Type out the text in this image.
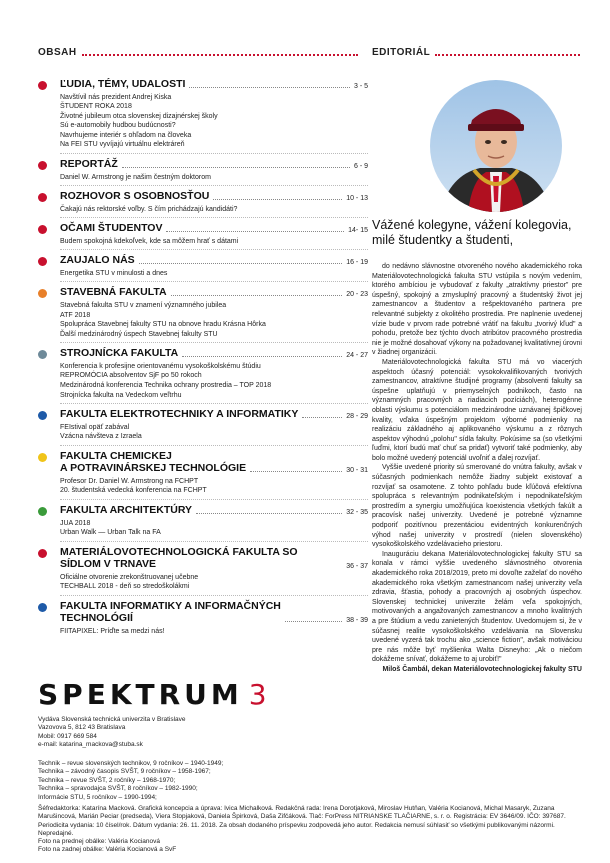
OBSAH	EDITORIÁL
ĽUDIA, TÉMY, UDALOSTI	3 - 5
Navštívil nás prezident Andrej Kiska
ŠTUDENT ROKA 2018
Životné jubileum otca slovenskej dizajnérskej školy
Sú e-automobily hudbou budúcnosti?
Navrhujeme interiér s ohľadom na človeka
Na FEI STU vyvíjajú virtuálnu elektráreň
REPORTÁŽ	6 - 9
Daniel W. Armstrong je našim čestným doktorom
ROZHOVOR S OSOBNOSŤOU	10 - 13
Čakajú nás rektorské voľby. S čím prichádzajú kandidáti?
OČAMI ŠTUDENTOV	14- 15
Budem spokojná kdekoľvek, kde sa môžem hrať s dátami
ZAUJALO NÁS	16 - 19
Energetika STU v minulosti a dnes
STAVEBNÁ FAKULTA	20 - 23
Stavebná fakulta STU v znamení významného jubilea
ATF 2018
Spolupráca Stavebnej fakulty STU na obnove hradu Krásna Hôrka
Ďalší medzinárodný úspech Stavebnej fakulty STU
STROJNÍCKA FAKULTA	24 - 27
Konferencia k profesijne orientovanému vysokoškolskému štúdiu
REPROMÓCIA absolventov SjF po 50 rokoch
Medzinárodná konferencia Technika ochrany prostredia – TOP 2018
Strojnícka fakulta na Vedeckom veľtrhu
FAKULTA ELEKTROTECHNIKY A INFORMATIKY	28 - 29
FEIstival opäť zabával
Vzácna návšteva z Izraela
FAKULTA CHEMICKEJ
A POTRAVINÁRSKEJ TECHNOLÓGIE	30 - 31
Profesor Dr. Daniel W. Armstrong na FCHPT
20. študentská vedecká konferencia na FCHPT
FAKULTA ARCHITEKTÚRY	32 - 35
JUA 2018
Urban Walk — Urban Talk na FA
MATERIÁLOVOTECHNOLOGICKÁ FAKULTA SO SÍDLOM V TRNAVE	36 - 37
Oficiálne otvorenie zrekonštruovanej učebne
TECHBALL 2018 - deň so stredoškolákmi
FAKULTA INFORMATIKY A INFORMAČNÝCH
TECHNOLÓGIÍ	38 - 39
FIITAPIXEL: Príďte sa medzi nás!
SPEKTRUM 3
Vydáva Slovenská technická univerzita v Bratislave
Vazovova 5, 812 43 Bratislava
Mobil: 0917 669 584
e-mail: katarina_mackova@stuba.sk
Technik – revue slovenských technikov, 9 ročníkov – 1940-1949;
Technika – závodný časopis SVŠT, 9 ročníkov – 1958-1967;
Technika – revue SVŠT, 2 ročníky – 1968-1970;
Technika – spravodajca SVŠT, 8 ročníkov – 1982-1990;
Informácie STU, 5 ročníkov – 1990-1994;
Šéfredaktorka: Katarína Macková. Grafická koncepcia a úprava: Ivica Michalková. Redakčná rada: Irena Dorotjaková, Miroslav Hutňan, Valéria Kocianová, Michal Masaryk, Zuzana Marušincová, Marián Peciar (predseda), Viera Stopjaková, Daniela Špirková, Daša Zifčáková. Tlač: ForPress NITRIANSKE TLAČIARNE, s. r. o. Registrácia: EV 3646/09. IČO: 397687. Periodicita vydania: 10 čísel/rok. Dátum vydania: 26. 11. 2018. Za obsah dodaného príspevku zodpovedá jeho autor. Redakcia nemusí súhlasiť so všetkými publikovanými názormi. Nepredajné.
Foto na prednej obálke: Valéria Kocianová
Foto na zadnej obálke: Valéria Kocianová a SvF
Vážené kolegyne, vážení kolegovia, milé študentky a študenti,

do nedávno slávnostne otvoreného nového akademického roka Materiálovotechnologická fakulta STU vstúpila s novým vedením, ktorého ambíciou je vybudovať z fakulty „atraktívny priestor" pre úspešný, spokojný a zmysluplný pracovný a študentský život jej zamestnancov a študentov a rešpektovaného partnera pre relevantné subjekty z okolitého prostredia. Pre naplnenie uvedenej vízie bude v prvom rade potrebné vrátiť na fakultu „tvorivý kľud" a pohodu, pretože bez týchto dvoch atribútov pracovného prostredia nie je možné dosahovať výkony na požadovanej kvalitatívnej úrovni v žiadnej organizácii.

Materiálovotechnologická fakulta STU má vo viacerých aspektoch účasný potenciál: vysokokvalifikovaných tvorivých zamestnancov, atraktívne študijné programy (absolventi fakulty sa úspešne uplatňujú v priemyselných podnikoch, často na významných pracovných a riadiacich pozíciách), heterogénne oblasti výskumu s potenciálom medzinárodne uznávanej špičkovej kvality, vďaka úspešným projektom výborné podmienky na realizáciu základného aj aplikovaného výskumu a z rôznych aspektov výhodnú „polohu" sídla fakulty. Pokúsime sa (so všetkými ľuďmi, ktorí budú mať chuť sa pridať) vytvoriť také podmienky, aby bolo možné uvedený potenciál uvoľniť a ďalej rozvíjať.

Vyššie uvedené priority sú smerované do vnútra fakulty, avšak v súčasných podmienkach nemôže žiadny subjekt existovať a rozvíjať sa osamotene. Z tohto pohľadu bude kľúčová efektívna spolupráca s relevantným podnikateľským i nepodnikateľským prostredím a synergiu umožňujúca koexistencia všetkých fakúlt a pracovísk našej univerzity. Uvedené je potrebné významne podporiť pozitívnou prezentáciou evidentných konkurenčných výhod našej univerzity v prostredí (nielen slovenského) vysokoškolského vzdelávacieho priestoru.

Inauguráciu dekana Materiálovotechnologickej fakulty STU sa konala v rámci vyššie uvedeného slávnostného otvorenia akademického roka 2018/2019, preto mi dovoľte zaželať do nového akademického roka všetkým zamestnancom našej univerzity veľa zdravia, šťastia, pohody a pracovných aj osobných úspechov. Slovenskej technickej univerzite želám veľa spokojných, motivovaných a angažovaných zamestnancov a mnoho kvalitných a pre štúdium a vedu zanietených študentov. Uvedomujem si, že v súčasnej realite vysokoškolského vzdelávania na Slovensku uvedené vyzerá tak trochu ako „science fiction", avšak motiváciou pre nás môže byť myšlienka Walta Disneyho: „Ak o niečom dokážeme snívať, dokážeme to aj urobiť!"

Miloš Čambál, dekan Materiálovotechnologickej fakulty STU
